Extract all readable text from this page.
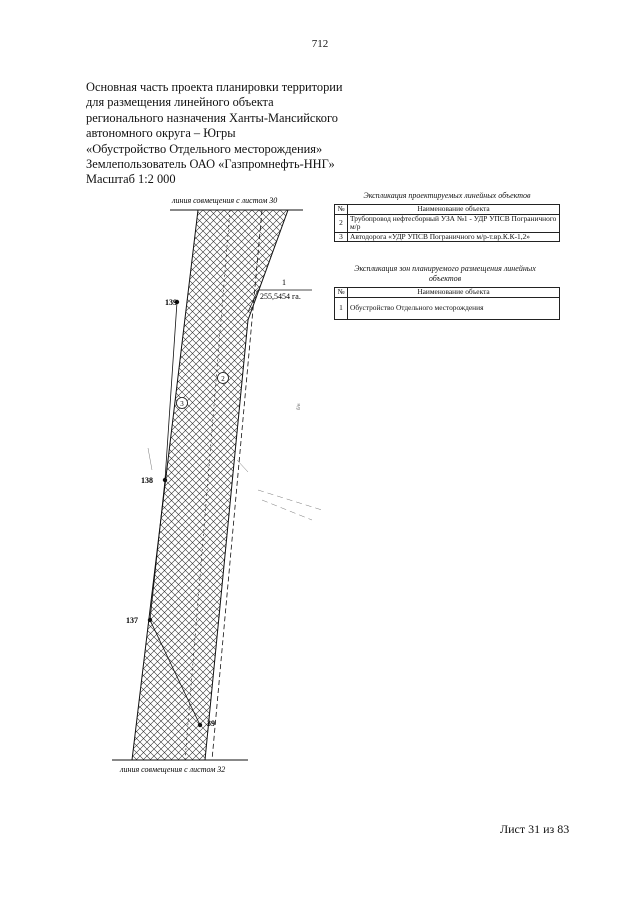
712
Основная часть проекта планировки территории
для размещения линейного объекта
регионального назначения Ханты-Мансийского
автономного округа – Югры
«Обустройство Отдельного месторождения»
Землепользователь ОАО «Газпромнефть-ННГ»
Масштаб 1:2 000
линия совмещения с листом 30
139
138
137
39
1
255,5454 га.
3
2
б/н
линия совмещения с листом 32
Экспликация проектируемых линейных объектов
№	Наименование объекта
2	Трубопровод нефтесборный УЗА №1 - УДР УПСВ Пограничного м/р
3	Автодорога «УДР УПСВ Пограничного м/р-т.вр.К.К-1,2»
Экспликация зон планируемого размещения линейных объектов
№	Наименование объекта
1	Обустройство Отдельного месторождения
Лист 31 из 83
